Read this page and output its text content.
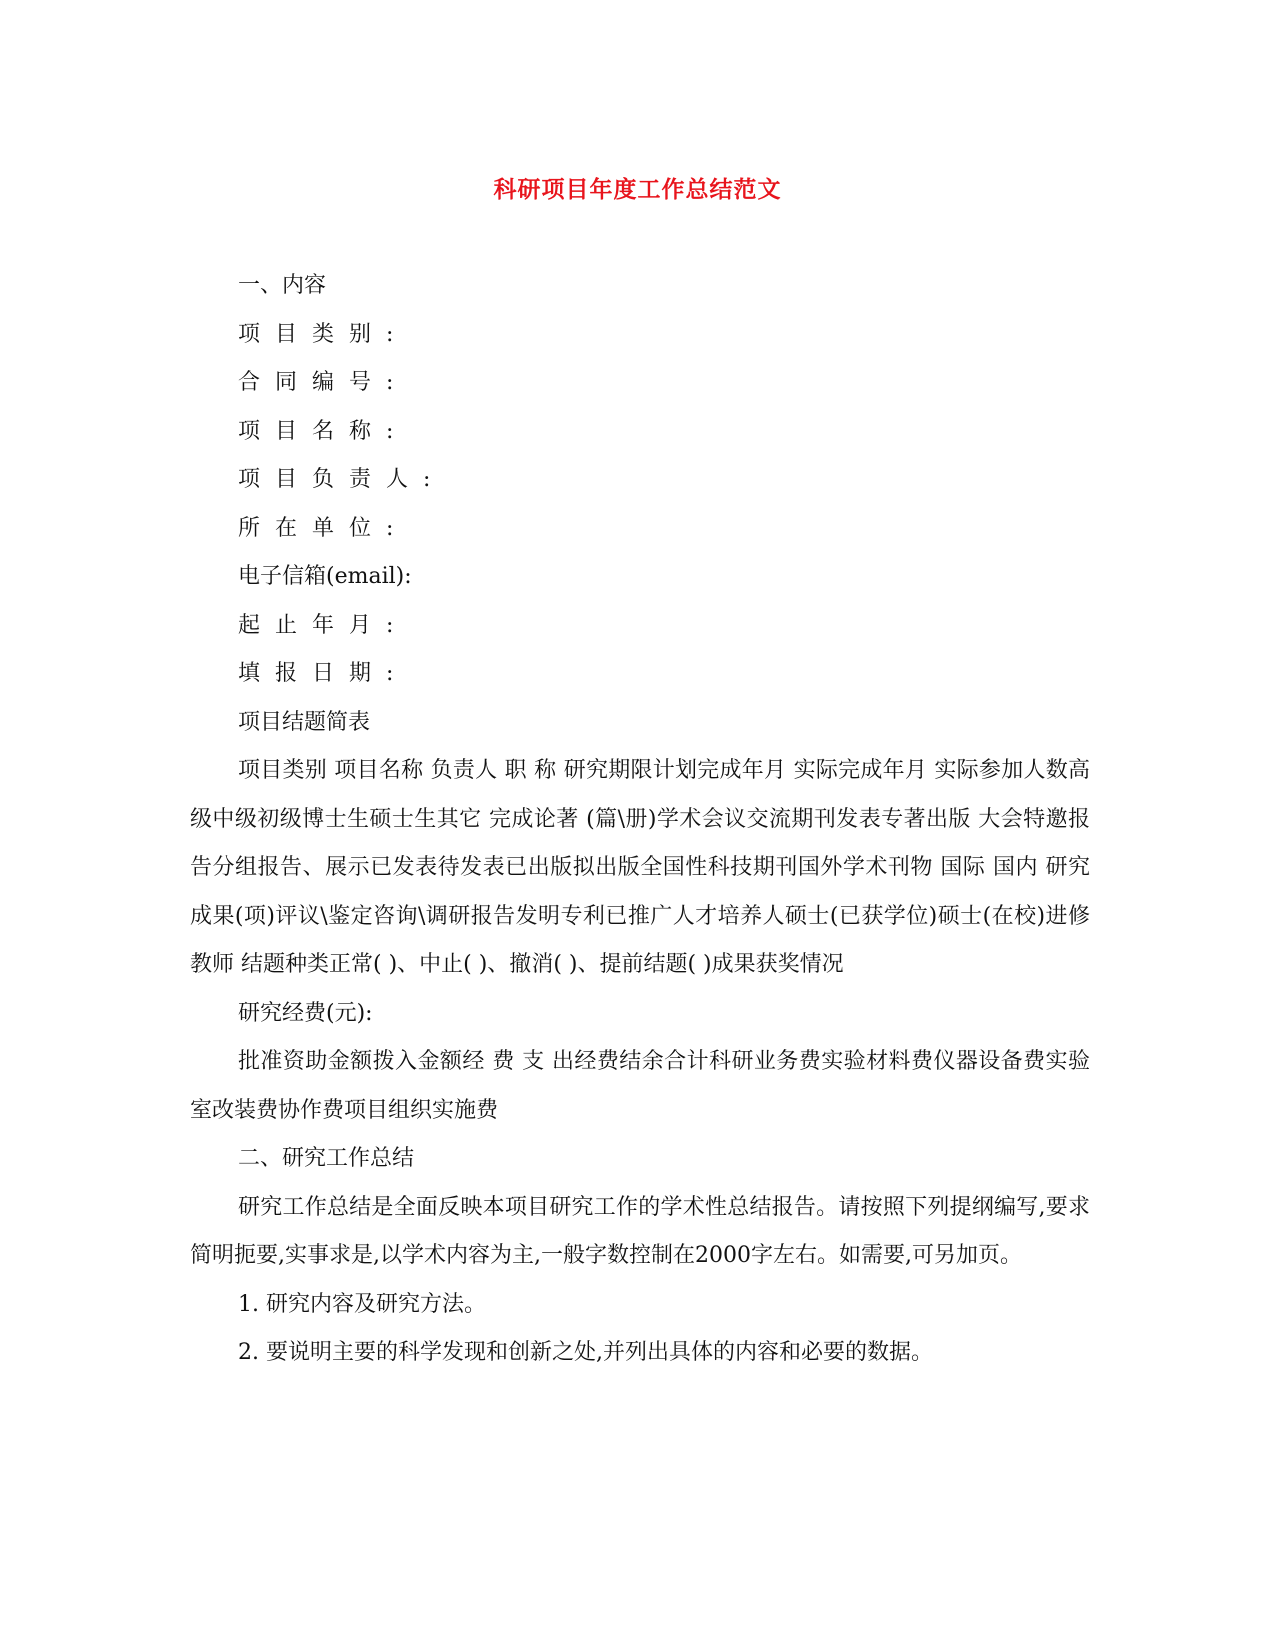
科研项目年度工作总结范文

一、内容

项目类别:

合同编号:

项目名称:

项目负责人:

所在单位:

电子信箱(email):

起止年月:

填报日期:

项目结题简表

项目类别 项目名称 负责人 职 称 研究期限计划完成年月 实际完成年月 实际参加人数高级中级初级博士生硕士生其它 完成论著 (篇\册)学术会议交流期刊发表专著出版 大会特邀报告分组报告、展示已发表待发表已出版拟出版全国性科技期刊国外学术刊物 国际 国内 研究成果(项)评议\鉴定咨询\调研报告发明专利已推广人才培养人硕士(已获学位)硕士(在校)进修教师 结题种类正常( )、中止( )、撤消( )、提前结题( )成果获奖情况

研究经费(元):

批准资助金额拨入金额经 费 支 出经费结余合计科研业务费实验材料费仪器设备费实验室改装费协作费项目组织实施费

二、研究工作总结

研究工作总结是全面反映本项目研究工作的学术性总结报告。请按照下列提纲编写,要求简明扼要,实事求是,以学术内容为主,一般字数控制在2000字左右。如需要,可另加页。

1. 研究内容及研究方法。

2. 要说明主要的科学发现和创新之处,并列出具体的内容和必要的数据。
